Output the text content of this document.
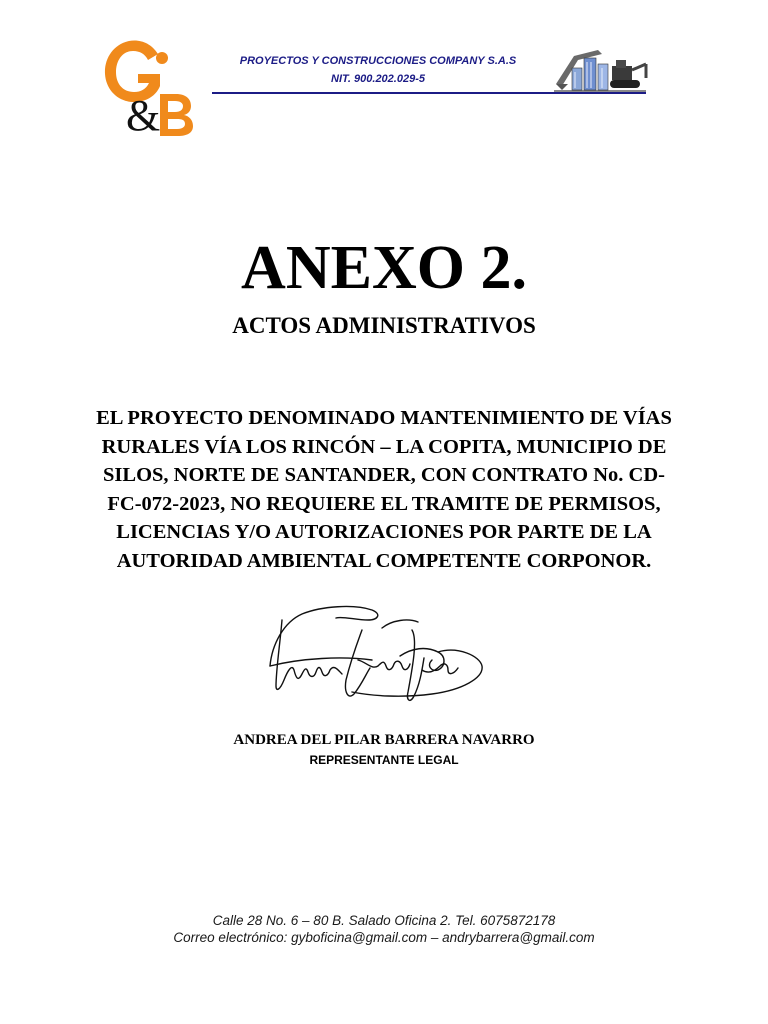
&
PROYECTOS Y CONSTRUCCIONES COMPANY S.A.S
NIT. 900.202.029-5
ANEXO 2.
ACTOS ADMINISTRATIVOS
EL PROYECTO DENOMINADO MANTENIMIENTO DE VÍAS
RURALES VÍA LOS RINCÓN – LA COPITA, MUNICIPIO DE
SILOS, NORTE DE SANTANDER, CON CONTRATO No. CD-
FC-072-2023, NO REQUIERE EL TRAMITE DE PERMISOS,
LICENCIAS Y/O AUTORIZACIONES POR PARTE DE LA
AUTORIDAD AMBIENTAL COMPETENTE CORPONOR.
ANDREA DEL PILAR BARRERA NAVARRO
REPRESENTANTE LEGAL
Calle 28 No. 6 – 80 B. Salado Oficina 2. Tel. 6075872178
Correo electrónico: gyboficina@gmail.com – andrybarrera@gmail.com
